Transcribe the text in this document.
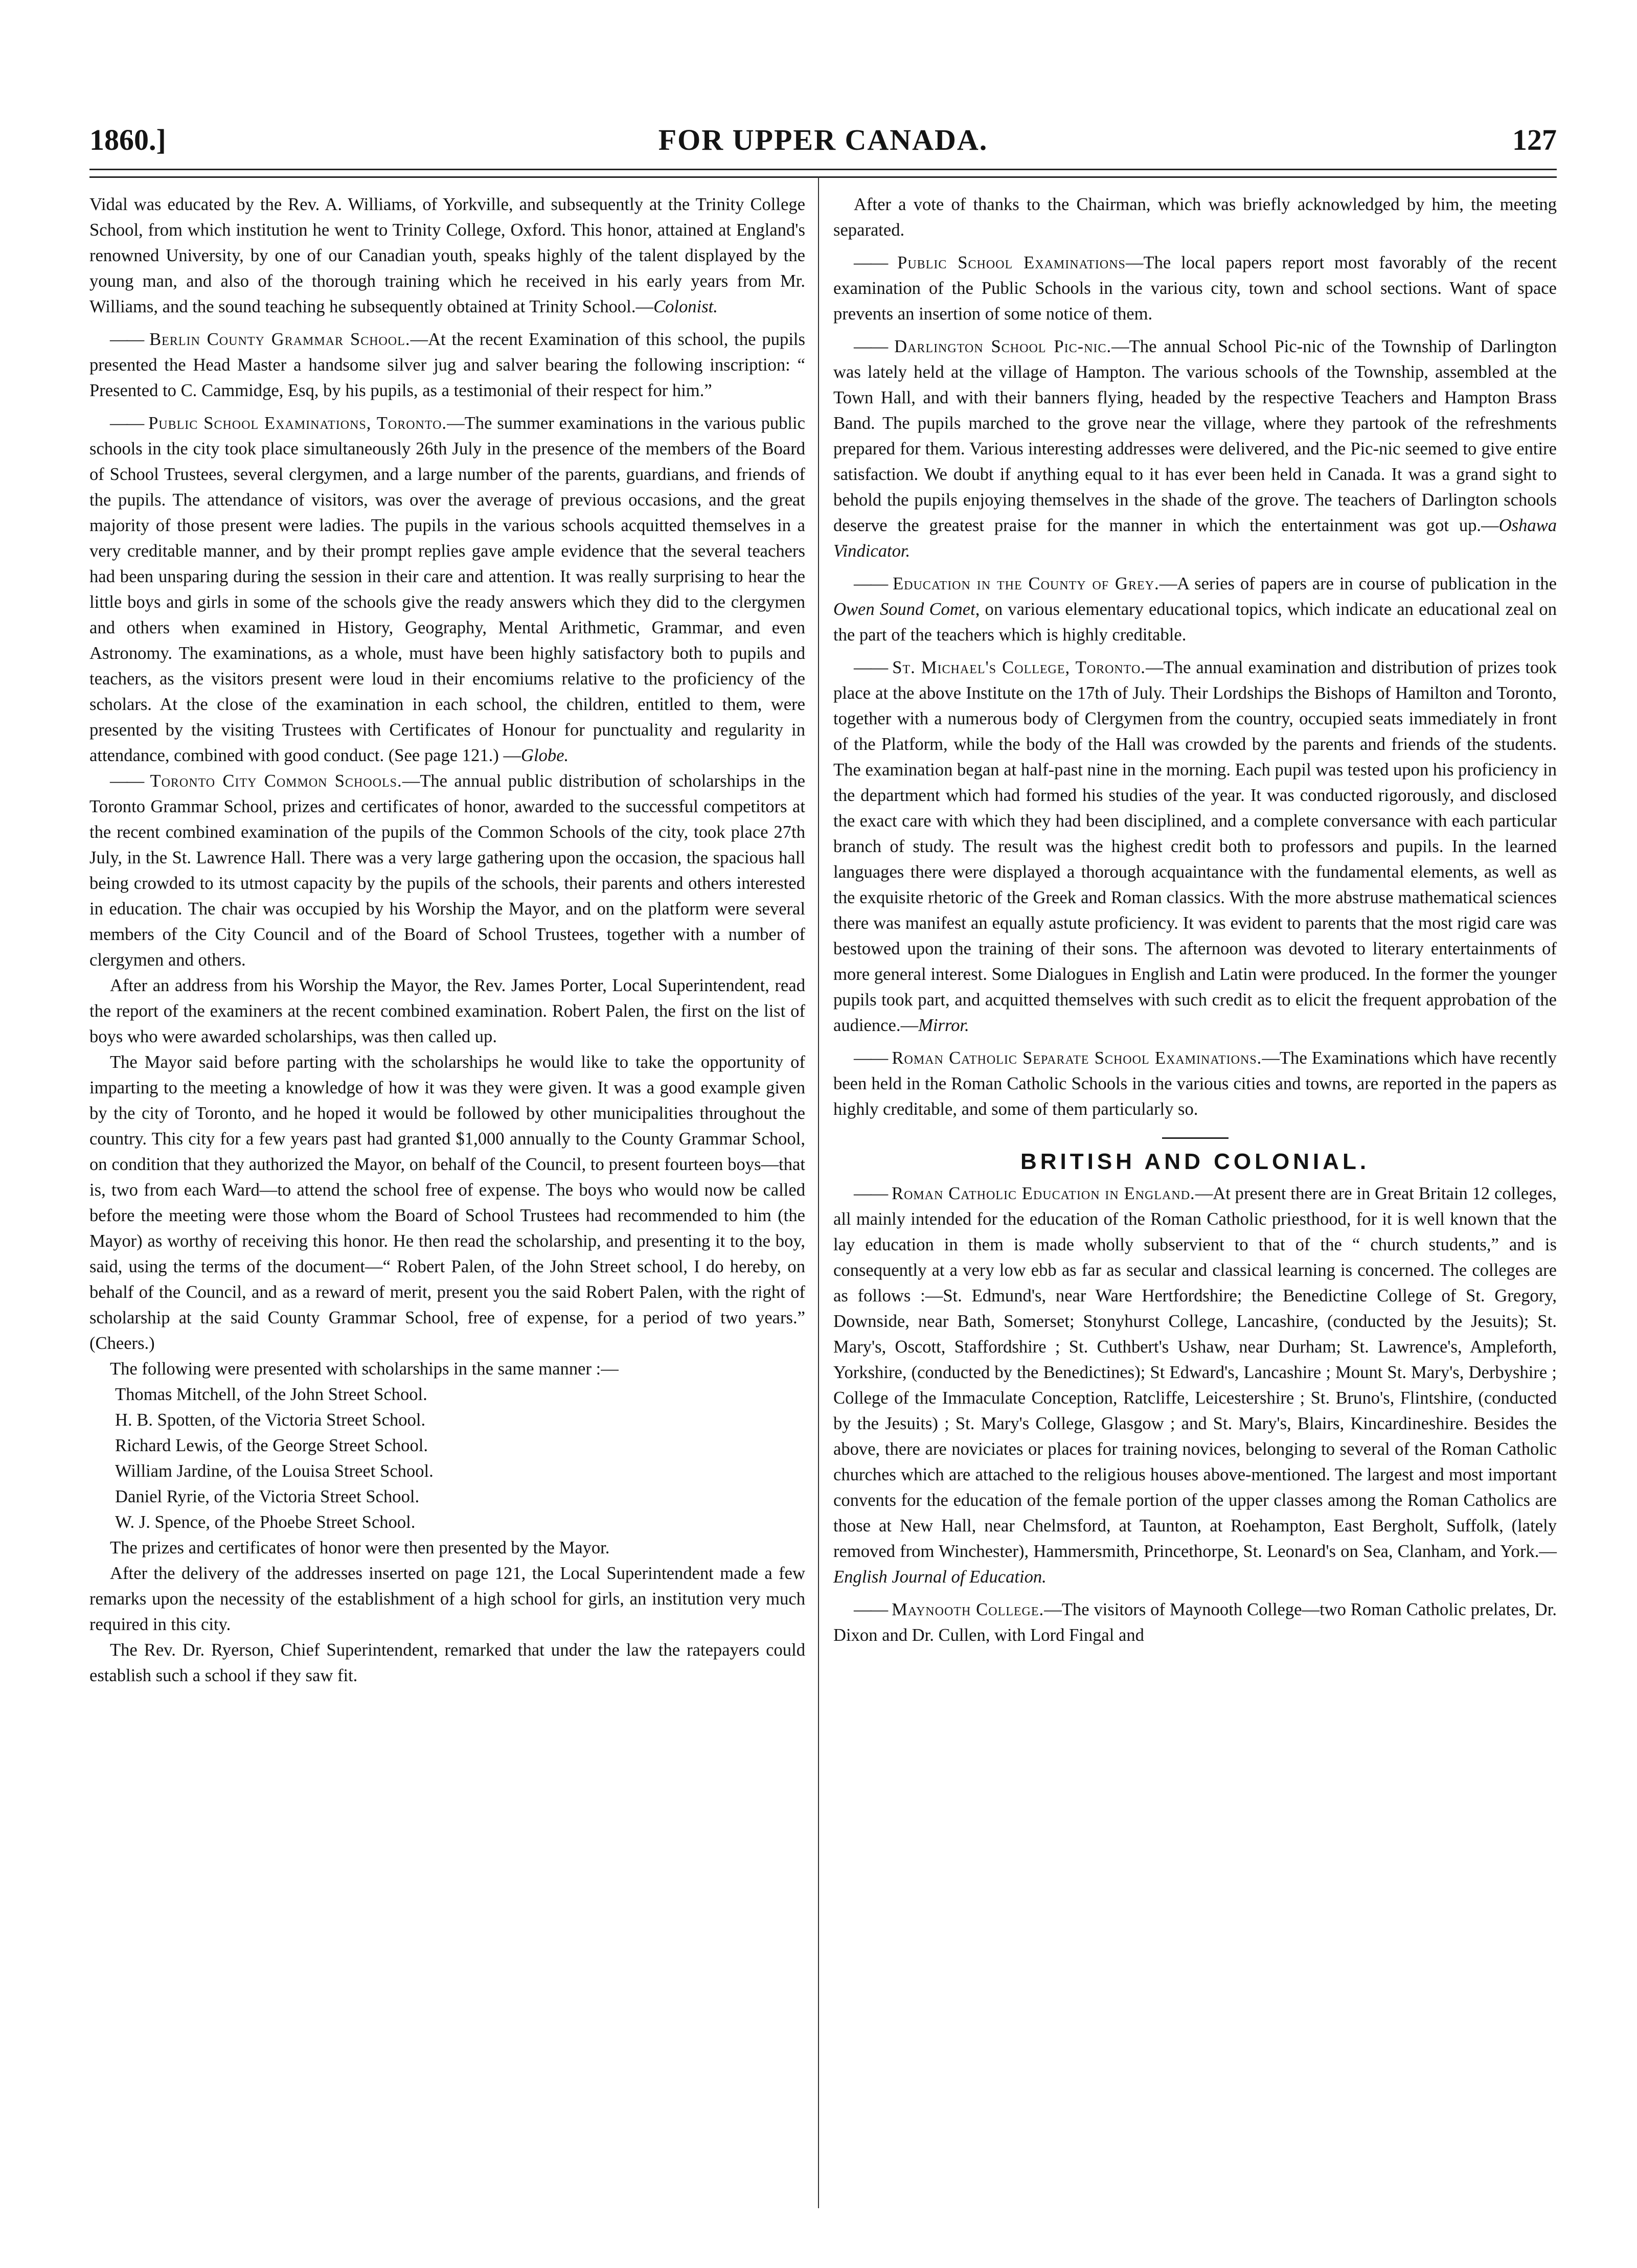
1860.]	FOR UPPER CANADA.	127

Vidal was educated by the Rev. A. Williams, of Yorkville, and subsequently at the Trinity College School, from which institution he went to Trinity College, Oxford. This honor, attained at England's renowned University, by one of our Canadian youth, speaks highly of the talent displayed by the young man, and also of the thorough training which he received in his early years from Mr. Williams, and the sound teaching he subsequently obtained at Trinity School.—Colonist.

—— Berlin County Grammar School.—At the recent Examination of this school, the pupils presented the Head Master a handsome silver jug and salver bearing the following inscription: “ Presented to C. Cammidge, Esq, by his pupils, as a testimonial of their respect for him.”

—— Public School Examinations, Toronto.—The summer examinations in the various public schools in the city took place simultaneously 26th July in the presence of the members of the Board of School Trustees, several clergymen, and a large number of the parents, guardians, and friends of the pupils. The attendance of visitors, was over the average of previous occasions, and the great majority of those present were ladies. The pupils in the various schools acquitted themselves in a very creditable manner, and by their prompt replies gave ample evidence that the several teachers had been unsparing during the session in their care and attention. It was really surprising to hear the little boys and girls in some of the schools give the ready answers which they did to the clergymen and others when examined in History, Geography, Mental Arithmetic, Grammar, and even Astronomy. The examinations, as a whole, must have been highly satisfactory both to pupils and teachers, as the visitors present were loud in their encomiums relative to the proficiency of the scholars. At the close of the examination in each school, the children, entitled to them, were presented by the visiting Trustees with Certificates of Honour for punctuality and regularity in attendance, combined with good conduct. (See page 121.) —Globe.

—— Toronto City Common Schools.—The annual public distribution of scholarships in the Toronto Grammar School, prizes and certificates of honor, awarded to the successful competitors at the recent combined examination of the pupils of the Common Schools of the city, took place 27th July, in the St. Lawrence Hall. There was a very large gathering upon the occasion, the spacious hall being crowded to its utmost capacity by the pupils of the schools, their parents and others interested in education. The chair was occupied by his Worship the Mayor, and on the platform were several members of the City Council and of the Board of School Trustees, together with a number of clergymen and others.

After an address from his Worship the Mayor, the Rev. James Porter, Local Superintendent, read the report of the examiners at the recent combined examination. Robert Palen, the first on the list of boys who were awarded scholarships, was then called up.

The Mayor said before parting with the scholarships he would like to take the opportunity of imparting to the meeting a knowledge of how it was they were given. It was a good example given by the city of Toronto, and he hoped it would be followed by other municipalities throughout the country. This city for a few years past had granted $1,000 annually to the County Grammar School, on condition that they authorized the Mayor, on behalf of the Council, to present fourteen boys—that is, two from each Ward—to attend the school free of expense. The boys who would now be called before the meeting were those whom the Board of School Trustees had recommended to him (the Mayor) as worthy of receiving this honor. He then read the scholarship, and presenting it to the boy, said, using the terms of the document—“ Robert Palen, of the John Street school, I do hereby, on behalf of the Council, and as a reward of merit, present you the said Robert Palen, with the right of scholarship at the said County Grammar School, free of expense, for a period of two years.” (Cheers.)

The following were presented with scholarships in the same manner :—

Thomas Mitchell, of the John Street School.

H. B. Spotten, of the Victoria Street School.

Richard Lewis, of the George Street School.

William Jardine, of the Louisa Street School.

Daniel Ryrie, of the Victoria Street School.

W. J. Spence, of the Phoebe Street School.

The prizes and certificates of honor were then presented by the Mayor.

After the delivery of the addresses inserted on page 121, the Local Superintendent made a few remarks upon the necessity of the establishment of a high school for girls, an institution very much required in this city.

The Rev. Dr. Ryerson, Chief Superintendent, remarked that under the law the ratepayers could establish such a school if they saw fit.

After a vote of thanks to the Chairman, which was briefly acknowledged by him, the meeting separated.

—— Public School Examinations—The local papers report most favorably of the recent examination of the Public Schools in the various city, town and school sections. Want of space prevents an insertion of some notice of them.

—— Darlington School Pic-nic.—The annual School Pic-nic of the Township of Darlington was lately held at the village of Hampton. The various schools of the Township, assembled at the Town Hall, and with their banners flying, headed by the respective Teachers and Hampton Brass Band. The pupils marched to the grove near the village, where they partook of the refreshments prepared for them. Various interesting addresses were delivered, and the Pic-nic seemed to give entire satisfaction. We doubt if anything equal to it has ever been held in Canada. It was a grand sight to behold the pupils enjoying themselves in the shade of the grove. The teachers of Darlington schools deserve the greatest praise for the manner in which the entertainment was got up.—Oshawa Vindicator.

—— Education in the County of Grey.—A series of papers are in course of publication in the Owen Sound Comet, on various elementary educational topics, which indicate an educational zeal on the part of the teachers which is highly creditable.

—— St. Michael's College, Toronto.—The annual examination and distribution of prizes took place at the above Institute on the 17th of July. Their Lordships the Bishops of Hamilton and Toronto, together with a numerous body of Clergymen from the country, occupied seats immediately in front of the Platform, while the body of the Hall was crowded by the parents and friends of the students. The examination began at half-past nine in the morning. Each pupil was tested upon his proficiency in the department which had formed his studies of the year. It was conducted rigorously, and disclosed the exact care with which they had been disciplined, and a complete conversance with each particular branch of study. The result was the highest credit both to professors and pupils. In the learned languages there were displayed a thorough acquaintance with the fundamental elements, as well as the exquisite rhetoric of the Greek and Roman classics. With the more abstruse mathematical sciences there was manifest an equally astute proficiency. It was evident to parents that the most rigid care was bestowed upon the training of their sons. The afternoon was devoted to literary entertainments of more general interest. Some Dialogues in English and Latin were produced. In the former the younger pupils took part, and acquitted themselves with such credit as to elicit the frequent approbation of the audience.—Mirror.

—— Roman Catholic Separate School Examinations.—The Examinations which have recently been held in the Roman Catholic Schools in the various cities and towns, are reported in the papers as highly creditable, and some of them particularly so.

BRITISH AND COLONIAL.

—— Roman Catholic Education in England.—At present there are in Great Britain 12 colleges, all mainly intended for the education of the Roman Catholic priesthood, for it is well known that the lay education in them is made wholly subservient to that of the “ church students,” and is consequently at a very low ebb as far as secular and classical learning is concerned. The colleges are as follows :—St. Edmund's, near Ware Hertfordshire; the Benedictine College of St. Gregory, Downside, near Bath, Somerset; Stonyhurst College, Lancashire, (conducted by the Jesuits); St. Mary's, Oscott, Staffordshire ; St. Cuthbert's Ushaw, near Durham; St. Lawrence's, Ampleforth, Yorkshire, (conducted by the Benedictines); St Edward's, Lancashire ; Mount St. Mary's, Derbyshire ; College of the Immaculate Conception, Ratcliffe, Leicestershire ; St. Bruno's, Flintshire, (conducted by the Jesuits) ; St. Mary's College, Glasgow ; and St. Mary's, Blairs, Kincardineshire. Besides the above, there are noviciates or places for training novices, belonging to several of the Roman Catholic churches which are attached to the religious houses above-mentioned. The largest and most important convents for the education of the female portion of the upper classes among the Roman Catholics are those at New Hall, near Chelmsford, at Taunton, at Roehampton, East Bergholt, Suffolk, (lately removed from Winchester), Hammersmith, Princethorpe, St. Leonard's on Sea, Clanham, and York.—English Journal of Education.

—— Maynooth College.—The visitors of Maynooth College—two Roman Catholic prelates, Dr. Dixon and Dr. Cullen, with Lord Fingal and
